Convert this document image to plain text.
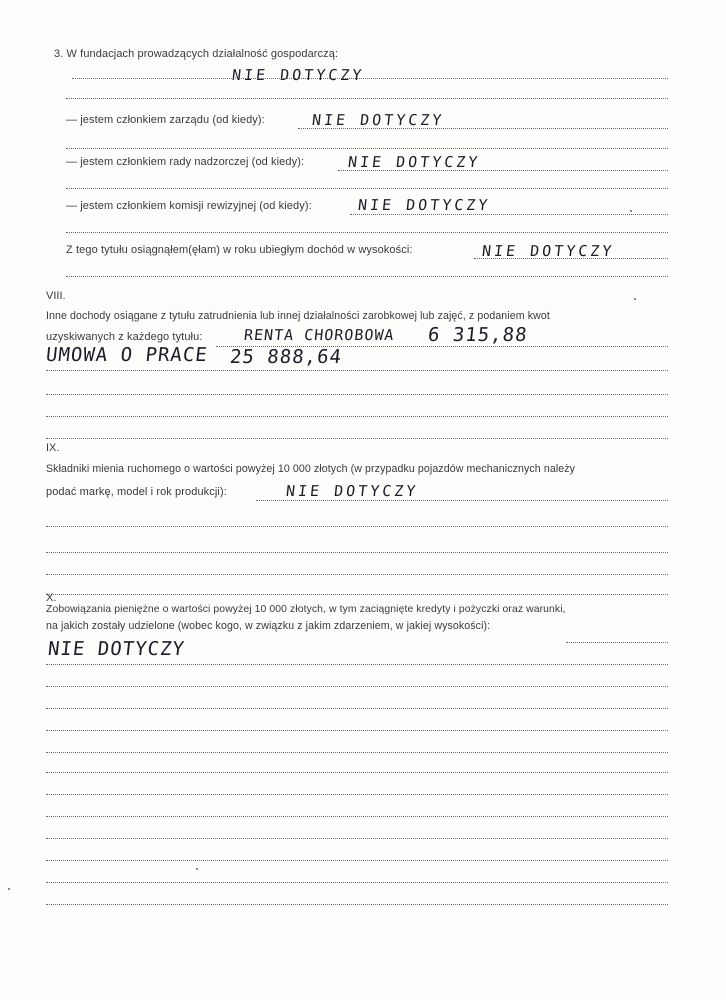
3. W fundacjach prowadzących działalność gospodarczą:
NIE DOTYCZY
— jestem członkiem zarządu (od kiedy):	NIE DOTYCZY
— jestem członkiem rady nadzorczej (od kiedy):	NIE DOTYCZY
— jestem członkiem komisji rewizyjnej (od kiedy):	NIE DOTYCZY
Z tego tytułu osiągnąłem(ęłam) w roku ubiegłym dochód w wysokości:	NIE DOTYCZY
VIII.
Inne dochody osiągane z tytułu zatrudnienia lub innej działalności zarobkowej lub zajęć, z podaniem kwot
uzyskiwanych z każdego tytułu:	RENTA CHOROBOWA 6 315,88
UMOWA O PRACE 25 888,64
IX.
Składniki mienia ruchomego o wartości powyżej 10 000 złotych (w przypadku pojazdów mechanicznych należy
podać markę, model i rok produkcji):	NIE DOTYCZY
X.
Zobowiązania pieniężne o wartości powyżej 10 000 złotych, w tym zaciągnięte kredyty i pożyczki oraz warunki,
na jakich zostały udzielone (wobec kogo, w związku z jakim zdarzeniem, w jakiej wysokości):
NIE DOTYCZY
